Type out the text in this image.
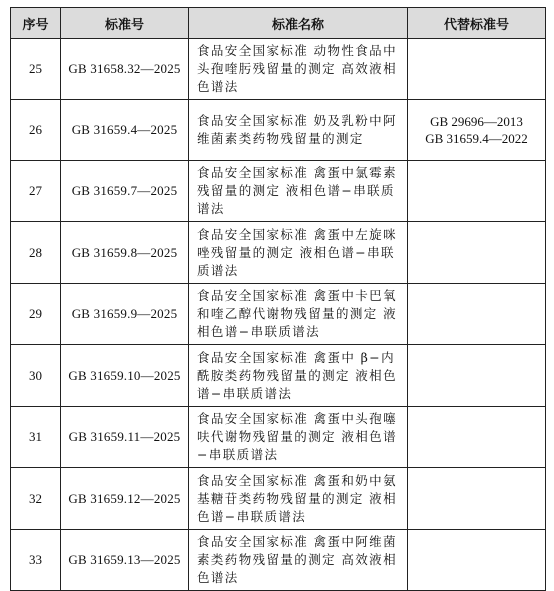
序号	标准号	标准名称	代替标准号
25	GB 31658.32—2025	食品安全国家标准 动物性食品中头孢喹肟残留量的测定 高效液相色谱法	
26	GB 31659.4—2025	食品安全国家标准 奶及乳粉中阿维菌素类药物残留量的测定	GB 29696—2013
GB 31659.4—2022

27	GB 31659.7—2025	食品安全国家标准 禽蛋中氯霉素残留量的测定 液相色谱−串联质谱法	
28	GB 31659.8—2025	食品安全国家标准 禽蛋中左旋咪唑残留量的测定 液相色谱−串联质谱法	
29	GB 31659.9—2025	食品安全国家标准 禽蛋中卡巴氧和喹乙醇代谢物残留量的测定 液相色谱−串联质谱法	
30	GB 31659.10—2025	食品安全国家标准 禽蛋中 β−内酰胺类药物残留量的测定 液相色谱−串联质谱法	
31	GB 31659.11—2025	食品安全国家标准 禽蛋中头孢噻呋代谢物残留量的测定 液相色谱−串联质谱法	
32	GB 31659.12—2025	食品安全国家标准 禽蛋和奶中氨基糖苷类药物残留量的测定 液相色谱−串联质谱法	
33	GB 31659.13—2025	食品安全国家标准 禽蛋中阿维菌素类药物残留量的测定 高效液相色谱法	
